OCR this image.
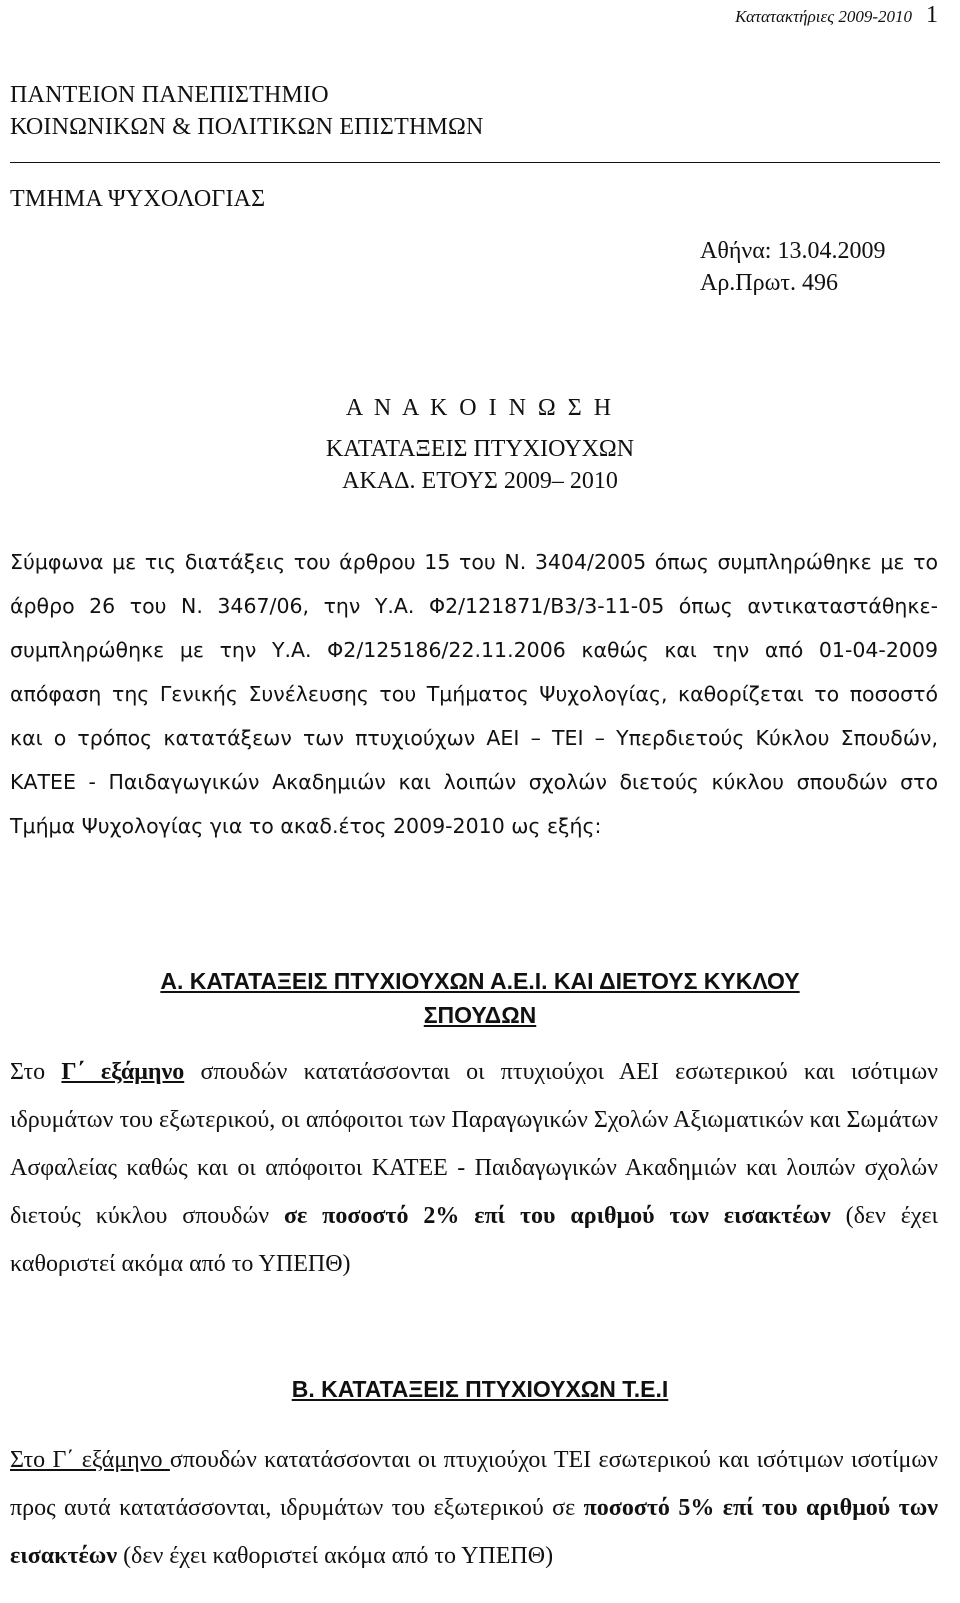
Κατατακτήριες 2009-2010 1
ΠΑΝΤΕΙΟΝ ΠΑΝΕΠΙΣΤΗΜΙΟ
ΚΟΙΝΩΝΙΚΩΝ & ΠΟΛΙΤΙΚΩΝ ΕΠΙΣΤΗΜΩΝ
ΤΜΗΜΑ ΨΥΧΟΛΟΓΙΑΣ
Αθήνα: 13.04.2009
Αρ.Πρωτ. 496
Α Ν Α Κ Ο Ι Ν Ω Σ Η
ΚΑΤΑΤΑΞΕΙΣ ΠΤΥΧΙΟΥΧΩΝ
ΑΚΑΔ. ΕΤΟΥΣ 2009– 2010
Σύμφωνα με τις διατάξεις του άρθρου 15 του Ν. 3404/2005 όπως συμπληρώθηκε με το άρθρο 26 του Ν. 3467/06, την Υ.Α. Φ2/121871/Β3/3-11-05 όπως αντικαταστάθηκε-συμπληρώθηκε με την Υ.Α. Φ2/125186/22.11.2006 καθώς και την από 01-04-2009 απόφαση της Γενικής Συνέλευσης του Τμήματος Ψυχολογίας, καθορίζεται το ποσοστό και ο τρόπος κατατάξεων των πτυχιούχων ΑΕΙ – ΤΕΙ – Υπερδιετούς Κύκλου Σπουδών, ΚΑΤΕΕ - Παιδαγωγικών Ακαδημιών και λοιπών σχολών διετούς κύκλου σπουδών στο Τμήμα Ψυχολογίας για το ακαδ.έτος 2009-2010 ως εξής:
Α. ΚΑΤΑΤΑΞΕΙΣ ΠΤΥΧΙΟΥΧΩΝ Α.Ε.Ι. ΚΑΙ ΔΙΕΤΟΥΣ ΚΥΚΛΟΥ
ΣΠΟΥΔΩΝ
Στο Γ΄ εξάμηνο σπουδών κατατάσσονται οι πτυχιούχοι ΑΕΙ εσωτερικού και ισότιμων ιδρυμάτων του εξωτερικού, οι απόφοιτοι των Παραγωγικών Σχολών Αξιωματικών και Σωμάτων Ασφαλείας καθώς και οι απόφοιτοι ΚΑΤΕΕ - Παιδαγωγικών Ακαδημιών και λοιπών σχολών διετούς κύκλου σπουδών σε ποσοστό 2% επί του αριθμού των εισακτέων (δεν έχει καθοριστεί ακόμα από το ΥΠΕΠΘ)
Β. ΚΑΤΑΤΑΞΕΙΣ ΠΤΥΧΙΟΥΧΩΝ Τ.Ε.Ι
Στο Γ΄ εξάμηνο σπουδών κατατάσσονται οι πτυχιούχοι ΤΕΙ εσωτερικού και ισότιμων ισοτίμων προς αυτά κατατάσσονται, ιδρυμάτων του εξωτερικού σε ποσοστό 5% επί του αριθμού των εισακτέων (δεν έχει καθοριστεί ακόμα από το ΥΠΕΠΘ)
